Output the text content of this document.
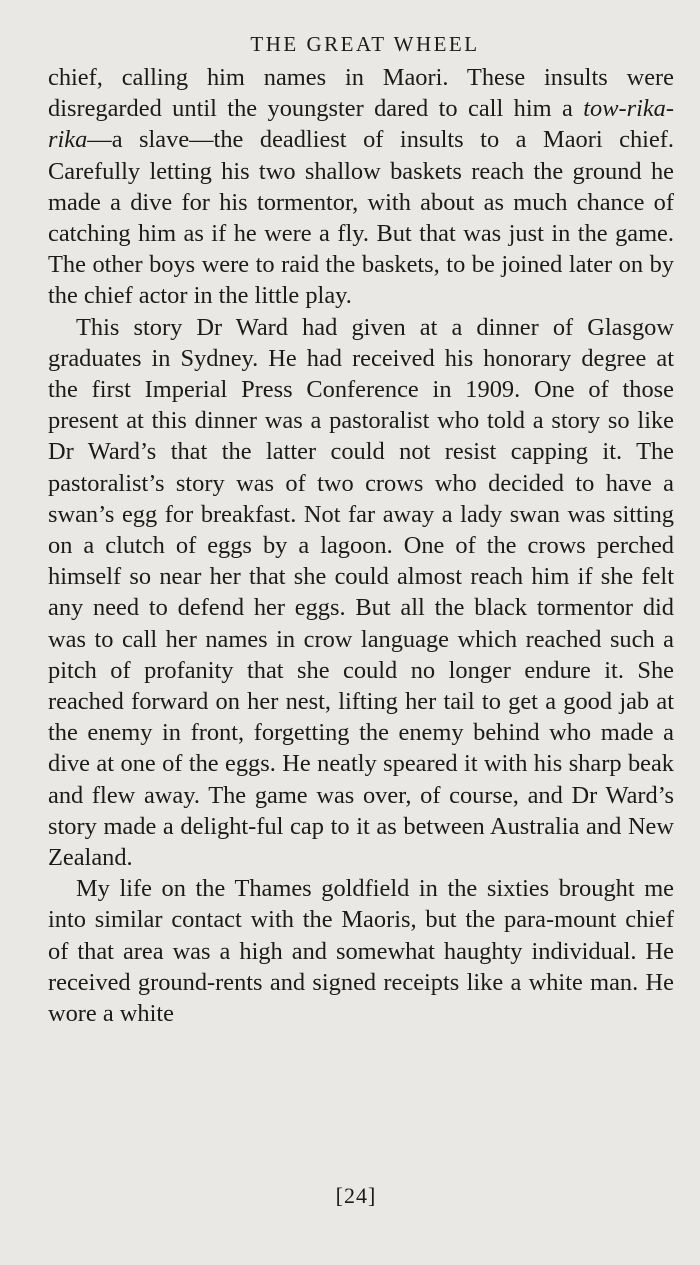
THE GREAT WHEEL

chief, calling him names in Maori. These insults were disregarded until the youngster dared to call him a tow-rika-rika—a slave—the deadliest of insults to a Maori chief. Carefully letting his two shallow baskets reach the ground he made a dive for his tormentor, with about as much chance of catching him as if he were a fly. But that was just in the game. The other boys were to raid the baskets, to be joined later on by the chief actor in the little play.

This story Dr Ward had given at a dinner of Glasgow graduates in Sydney. He had received his honorary degree at the first Imperial Press Conference in 1909. One of those present at this dinner was a pastoralist who told a story so like Dr Ward’s that the latter could not resist capping it. The pastoralist’s story was of two crows who decided to have a swan’s egg for breakfast. Not far away a lady swan was sitting on a clutch of eggs by a lagoon. One of the crows perched himself so near her that she could almost reach him if she felt any need to defend her eggs. But all the black tormentor did was to call her names in crow language which reached such a pitch of profanity that she could no longer endure it. She reached forward on her nest, lifting her tail to get a good jab at the enemy in front, forgetting the enemy behind who made a dive at one of the eggs. He neatly speared it with his sharp beak and flew away. The game was over, of course, and Dr Ward’s story made a delight-ful cap to it as between Australia and New Zealand.

My life on the Thames goldfield in the sixties brought me into similar contact with the Maoris, but the para-mount chief of that area was a high and somewhat haughty individual. He received ground-rents and signed receipts like a white man. He wore a white

[24]
